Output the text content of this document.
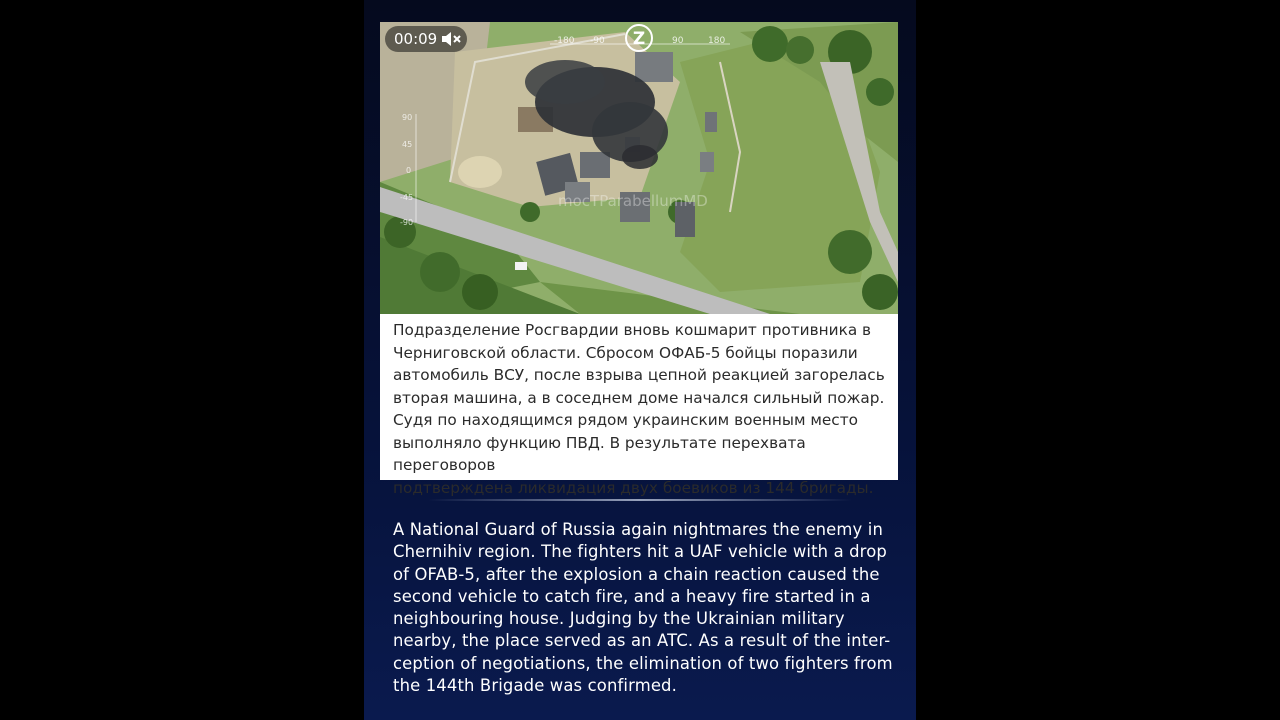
-180 -90	90	180
90
45
0
-45
-90
Z
mocTParabellumMD
00:09
Подразделение Росгвардии вновь кошмарит противника в
Черниговской области. Сбросом ОФАБ-5 бойцы поразили
автомобиль ВСУ, после взрыва цепной реакцией загорелась
вторая машина, а в соседнем доме начался сильный пожар.
Судя по находящимся рядом украинским военным место
выполняло функцию ПВД. В результате перехвата переговоров
подтверждена ликвидация двух боевиков из 144 бригады.
A National Guard of Russia again nightmares the enemy in
Chernihiv region. The fighters hit a UAF vehicle with a drop
of OFAB-5, after the explosion a chain reaction caused the
second vehicle to catch fire, and a heavy fire started in a
neighbouring house. Judging by the Ukrainian military
nearby, the place served as an ATC. As a result of the inter-
ception of negotiations, the elimination of two fighters from
the 144th Brigade was confirmed.
